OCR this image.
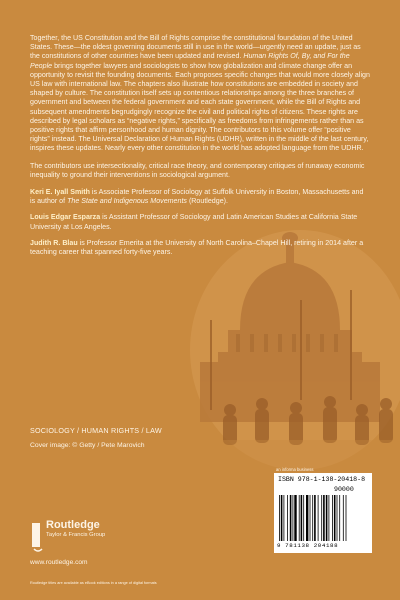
Together, the US Constitution and the Bill of Rights comprise the constitutional foundation of the United States. These—the oldest governing documents still in use in the world—urgently need an update, just as the constitutions of other countries have been updated and revised. Human Rights Of, By, and For the People brings together lawyers and sociologists to show how globalization and climate change offer an opportunity to revisit the founding documents. Each proposes specific changes that would more closely align US law with international law. The chapters also illustrate how constitutions are embedded in society and shaped by culture. The constitution itself sets up contentious relationships among the three branches of government and between the federal government and each state government, while the Bill of Rights and subsequent amendments begrudgingly recognize the civil and political rights of citizens. These rights are described by legal scholars as “negative rights,” specifically as freedoms from infringements rather than as positive rights that affirm personhood and human dignity. The contributors to this volume offer “positive rights” instead. The Universal Declaration of Human Rights (UDHR), written in the middle of the last century, inspires these updates. Nearly every other constitution in the world has adopted language from the UDHR.

The contributors use intersectionality, critical race theory, and contemporary critiques of runaway economic inequality to ground their interventions in sociological argument.

Keri E. Iyall Smith is Associate Professor of Sociology at Suffolk University in Boston, Massachusetts and is author of The State and Indigenous Movements (Routledge).

Louis Edgar Esparza is Assistant Professor of Sociology and Latin American Studies at California State University at Los Angeles.

Judith R. Blau is Professor Emerita at the University of North Carolina–Chapel Hill, retiring in 2014 after a teaching career that spanned forty-five years.

SOCIOLOGY / HUMAN RIGHTS / LAW
Cover image: © Getty / Pete Marovich
an informa business
ISBN 978-1-138-20418-8
90000
9 781138 204188
Routledge
Taylor & Francis Group
www.routledge.com
Routledge titles are available as eBook editions in a range of digital formats
